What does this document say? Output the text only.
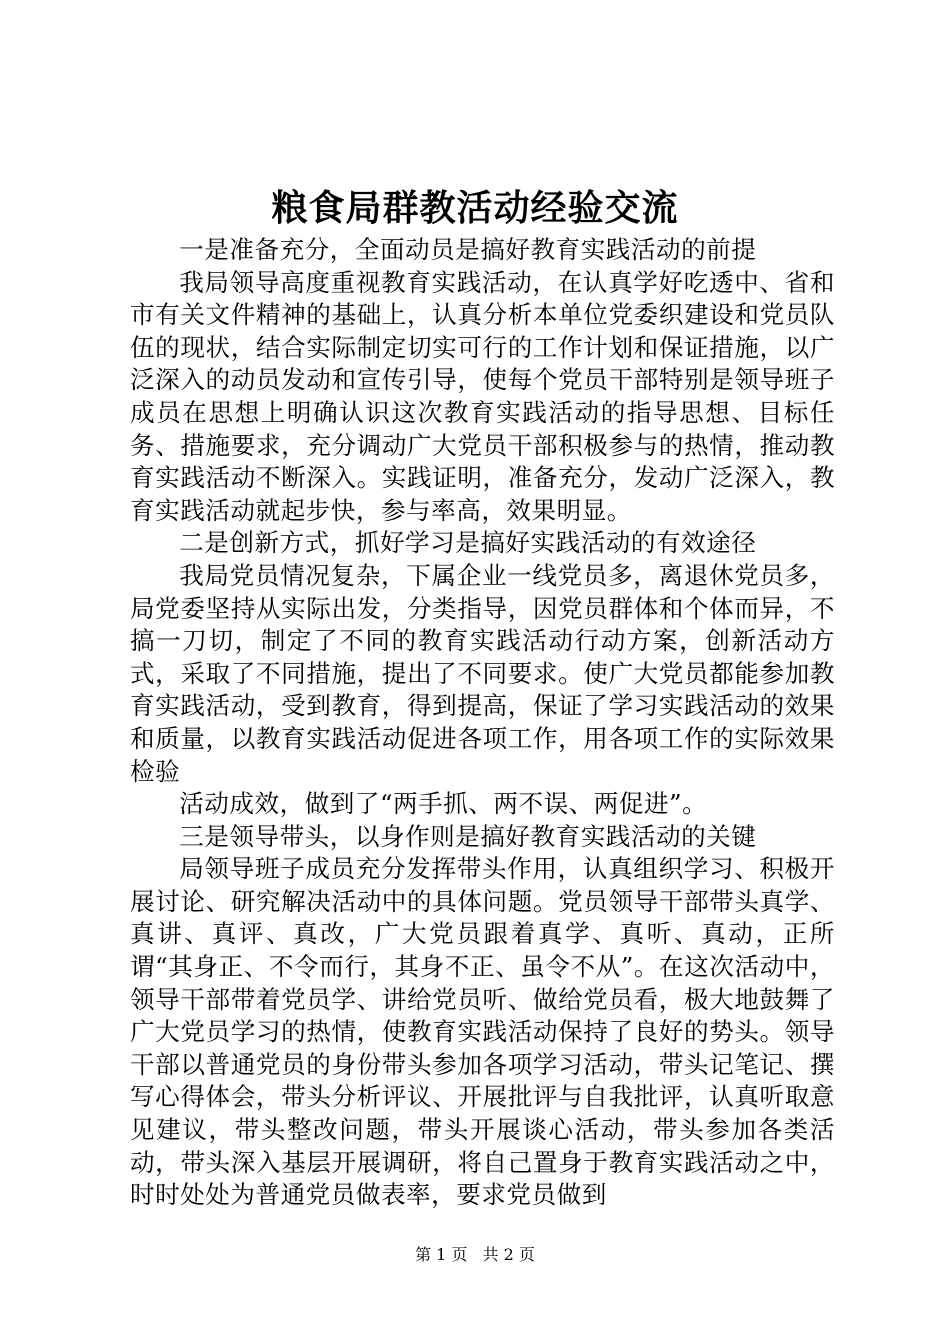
粮食局群教活动经验交流

一是准备充分，全面动员是搞好教育实践活动的前提

我局领导高度重视教育实践活动，在认真学好吃透中、省和市有关文件精神的基础上，认真分析本单位党委织建设和党员队伍的现状，结合实际制定切实可行的工作计划和保证措施，以广泛深入的动员发动和宣传引导，使每个党员干部特别是领导班子成员在思想上明确认识这次教育实践活动的指导思想、目标任务、措施要求，充分调动广大党员干部积极参与的热情，推动教育实践活动不断深入。实践证明，准备充分，发动广泛深入，教育实践活动就起步快，参与率高，效果明显。

二是创新方式，抓好学习是搞好实践活动的有效途径

我局党员情况复杂，下属企业一线党员多，离退休党员多，局党委坚持从实际出发，分类指导，因党员群体和个体而异，不搞一刀切，制定了不同的教育实践活动行动方案，创新活动方式，采取了不同措施，提出了不同要求。使广大党员都能参加教育实践活动，受到教育，得到提高，保证了学习实践活动的效果和质量，以教育实践活动促进各项工作，用各项工作的实际效果检验

活动成效，做到了“两手抓、两不误、两促进”。

三是领导带头，以身作则是搞好教育实践活动的关键

局领导班子成员充分发挥带头作用，认真组织学习、积极开展讨论、研究解决活动中的具体问题。党员领导干部带头真学、真讲、真评、真改，广大党员跟着真学、真听、真动，正所谓“其身正、不令而行，其身不正、虽令不从”。在这次活动中，领导干部带着党员学、讲给党员听、做给党员看，极大地鼓舞了广大党员学习的热情，使教育实践活动保持了良好的势头。领导干部以普通党员的身份带头参加各项学习活动，带头记笔记、撰写心得体会，带头分析评议、开展批评与自我批评，认真听取意见建议，带头整改问题，带头开展谈心活动，带头参加各类活动，带头深入基层开展调研，将自己置身于教育实践活动之中，时时处处为普通党员做表率，要求党员做到

第 1 页 共 2 页
